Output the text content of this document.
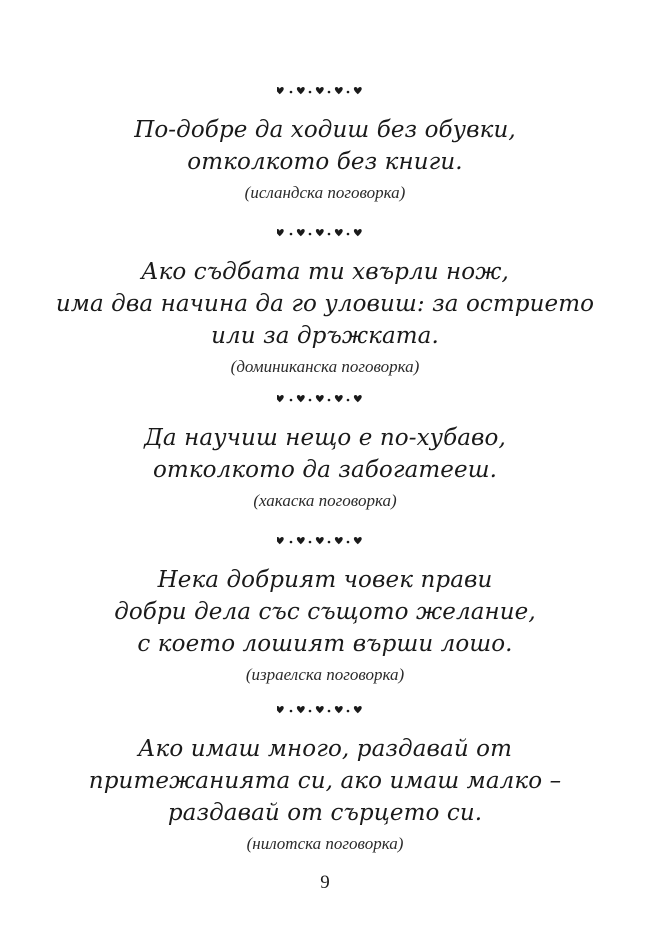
По-добре да ходиш без обувки,
отколкото без книги.
(исландска поговорка)
Ако съдбата ти хвърли нож,
има два начина да го уловиш: за острието
или за дръжката.
(доминиканска поговорка)
Да научиш нещо е по-хубаво,
отколкото да забогатееш.
(хакаска поговорка)
Нека добрият човек прави
добри дела със същото желание,
с което лошият върши лошо.
(израелска поговорка)
Ако имаш много, раздавай от
притежанията си, ако имаш малко –
раздавай от сърцето си.
(нилотска поговорка)
9
